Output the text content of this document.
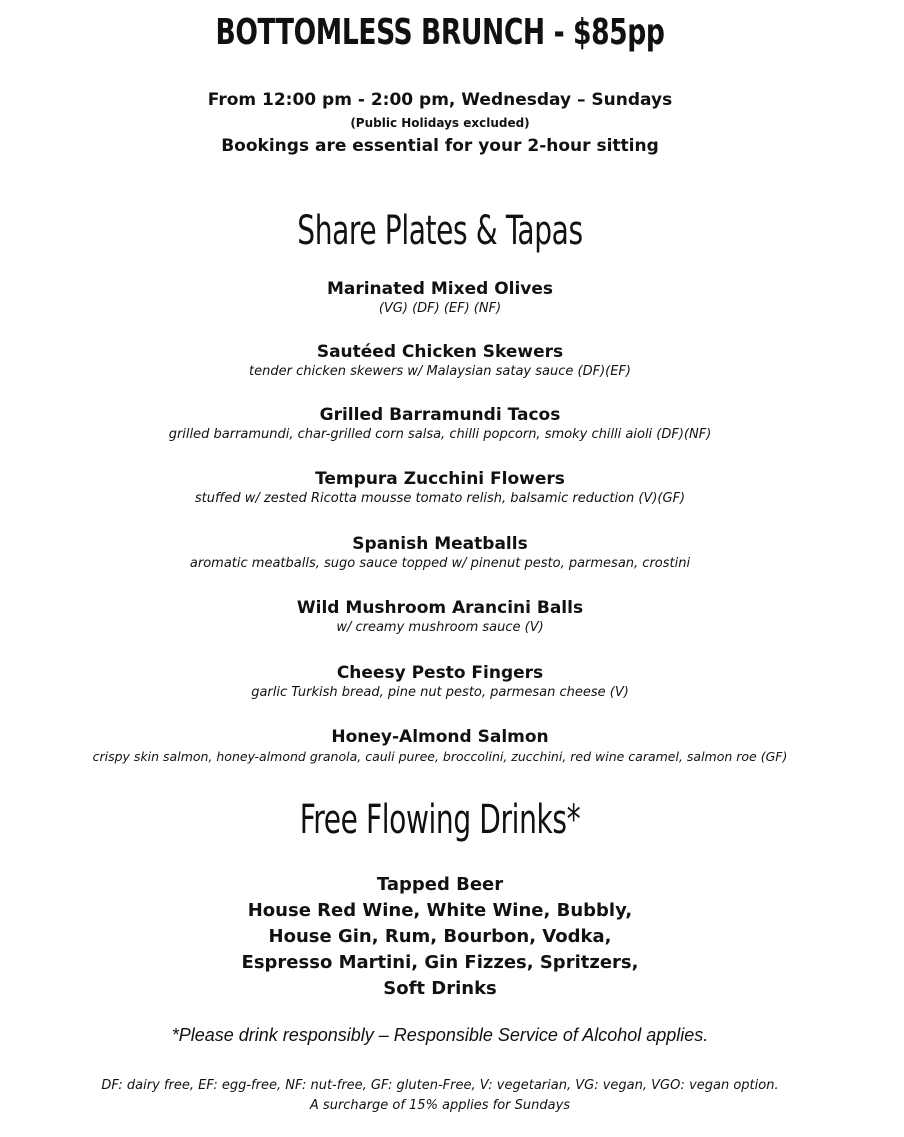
BOTTOMLESS BRUNCH - $85pp
From 12:00 pm - 2:00 pm, Wednesday – Sundays
(Public Holidays excluded)
Bookings are essential for your 2-hour sitting
Share Plates & Tapas
Marinated Mixed Olives
(VG) (DF) (EF) (NF)
Sautéed Chicken Skewers
tender chicken skewers w/ Malaysian satay sauce (DF)(EF)
Grilled Barramundi Tacos
grilled barramundi, char-grilled corn salsa, chilli popcorn, smoky chilli aioli (DF)(NF)
Tempura Zucchini Flowers
stuffed w/ zested Ricotta mousse tomato relish, balsamic reduction (V)(GF)
Spanish Meatballs
aromatic meatballs, sugo sauce topped w/ pinenut pesto, parmesan, crostini
Wild Mushroom Arancini Balls
w/ creamy mushroom sauce (V)
Cheesy Pesto Fingers
garlic Turkish bread, pine nut pesto, parmesan cheese (V)
Honey-Almond Salmon
crispy skin salmon, honey-almond granola, cauli puree, broccolini, zucchini, red wine caramel, salmon roe (GF)
Free Flowing Drinks*
Tapped Beer
House Red Wine, White Wine, Bubbly,
House Gin, Rum, Bourbon, Vodka,
Espresso Martini, Gin Fizzes, Spritzers,
Soft Drinks
*Please drink responsibly – Responsible Service of Alcohol applies.
DF: dairy free, EF: egg-free, NF: nut-free, GF: gluten-Free, V: vegetarian, VG: vegan, VGO: vegan option.
A surcharge of 15% applies for Sundays
